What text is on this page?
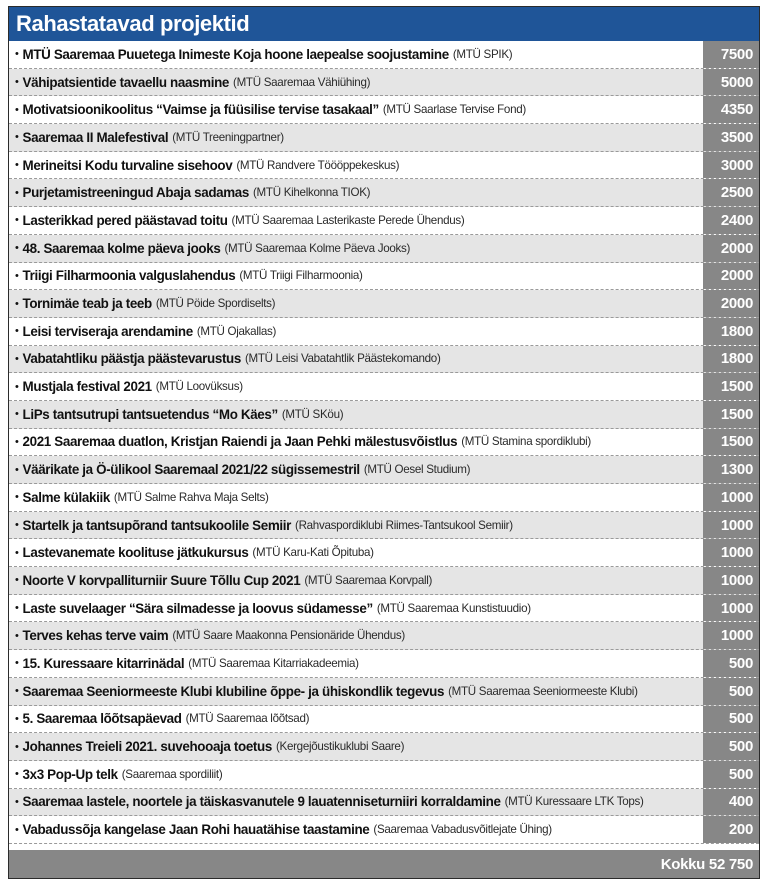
Rahastatavad projektid
• MTÜ Saaremaa Puuetega Inimeste Koja hoone laepealse soojustamine (MTÜ SPIK)	7500
• Vähipatsientide tavaellu naasmine (MTÜ Saaremaa Vähiühing)	5000
• Motivatsioonikoolitus “Vaimse ja füüsilise tervise tasakaal” (MTÜ Saarlase Tervise Fond)	4350
• Saaremaa II Malefestival (MTÜ Treeningpartner)	3500
• Merineitsi Kodu turvaline sisehoov (MTÜ Randvere Töööppekeskus)	3000
• Purjetamistreeningud Abaja sadamas (MTÜ Kihelkonna TIOK)	2500
• Lasterikkad pered päästavad toitu (MTÜ Saaremaa Lasterikaste Perede Ühendus)	2400
• 48. Saaremaa kolme päeva jooks (MTÜ Saaremaa Kolme Päeva Jooks)	2000
• Triigi Filharmoonia valguslahendus (MTÜ Triigi Filharmoonia)	2000
• Tornimäe teab ja teeb (MTÜ Pöide Spordiselts)	2000
• Leisi terviseraja arendamine (MTÜ Ojakallas)	1800
• Vabatahtliku päästja päästevarustus (MTÜ Leisi Vabatahtlik Päästekomando)	1800
• Mustjala festival 2021 (MTÜ Loovüksus)	1500
• LiPs tantsutrupi tantsuetendus “Mo Käes” (MTÜ SKöu)	1500
• 2021 Saaremaa duatlon, Kristjan Raiendi ja Jaan Pehki mälestusvõistlus (MTÜ Stamina spordiklubi)	1500
• Väärikate ja Ö-ülikool Saaremaal 2021/22 sügissemestril (MTÜ Oesel Studium)	1300
• Salme külakiik (MTÜ Salme Rahva Maja Selts)	1000
• Startelk ja tantsupõrand tantsukoolile Semiir (Rahvaspordiklubi Riimes-Tantsukool Semiir)	1000
• Lastevanemate koolituse jätkukursus (MTÜ Karu-Kati Õpituba)	1000
• Noorte V korvpalliturniir Suure Tõllu Cup 2021 (MTÜ Saaremaa Korvpall)	1000
• Laste suvelaager “Sära silmadesse ja loovus südamesse” (MTÜ Saaremaa Kunstistuudio)	1000
• Terves kehas terve vaim (MTÜ Saare Maakonna Pensionäride Ühendus)	1000
• 15. Kuressaare kitarrinädal (MTÜ Saaremaa Kitarriakadeemia)	500
• Saaremaa Seeniormeeste Klubi klubiline õppe- ja ühiskondlik tegevus (MTÜ Saaremaa Seeniormeeste Klubi)	500
• 5. Saaremaa lõõtsapäevad (MTÜ Saaremaa lõõtsad)	500
• Johannes Treieli 2021. suvehooaja toetus (Kergejõustikuklubi Saare)	500
• 3x3 Pop-Up telk (Saaremaa spordiliit)	500
• Saaremaa lastele, noortele ja täiskasvanutele 9 lauatenniseturniiri korraldamine (MTÜ Kuressaare LTK Tops)	400
• Vabadussõja kangelase Jaan Rohi hauatähise taastamine (Saaremaa Vabadusvõitlejate Ühing)	200
Kokku 52 750
